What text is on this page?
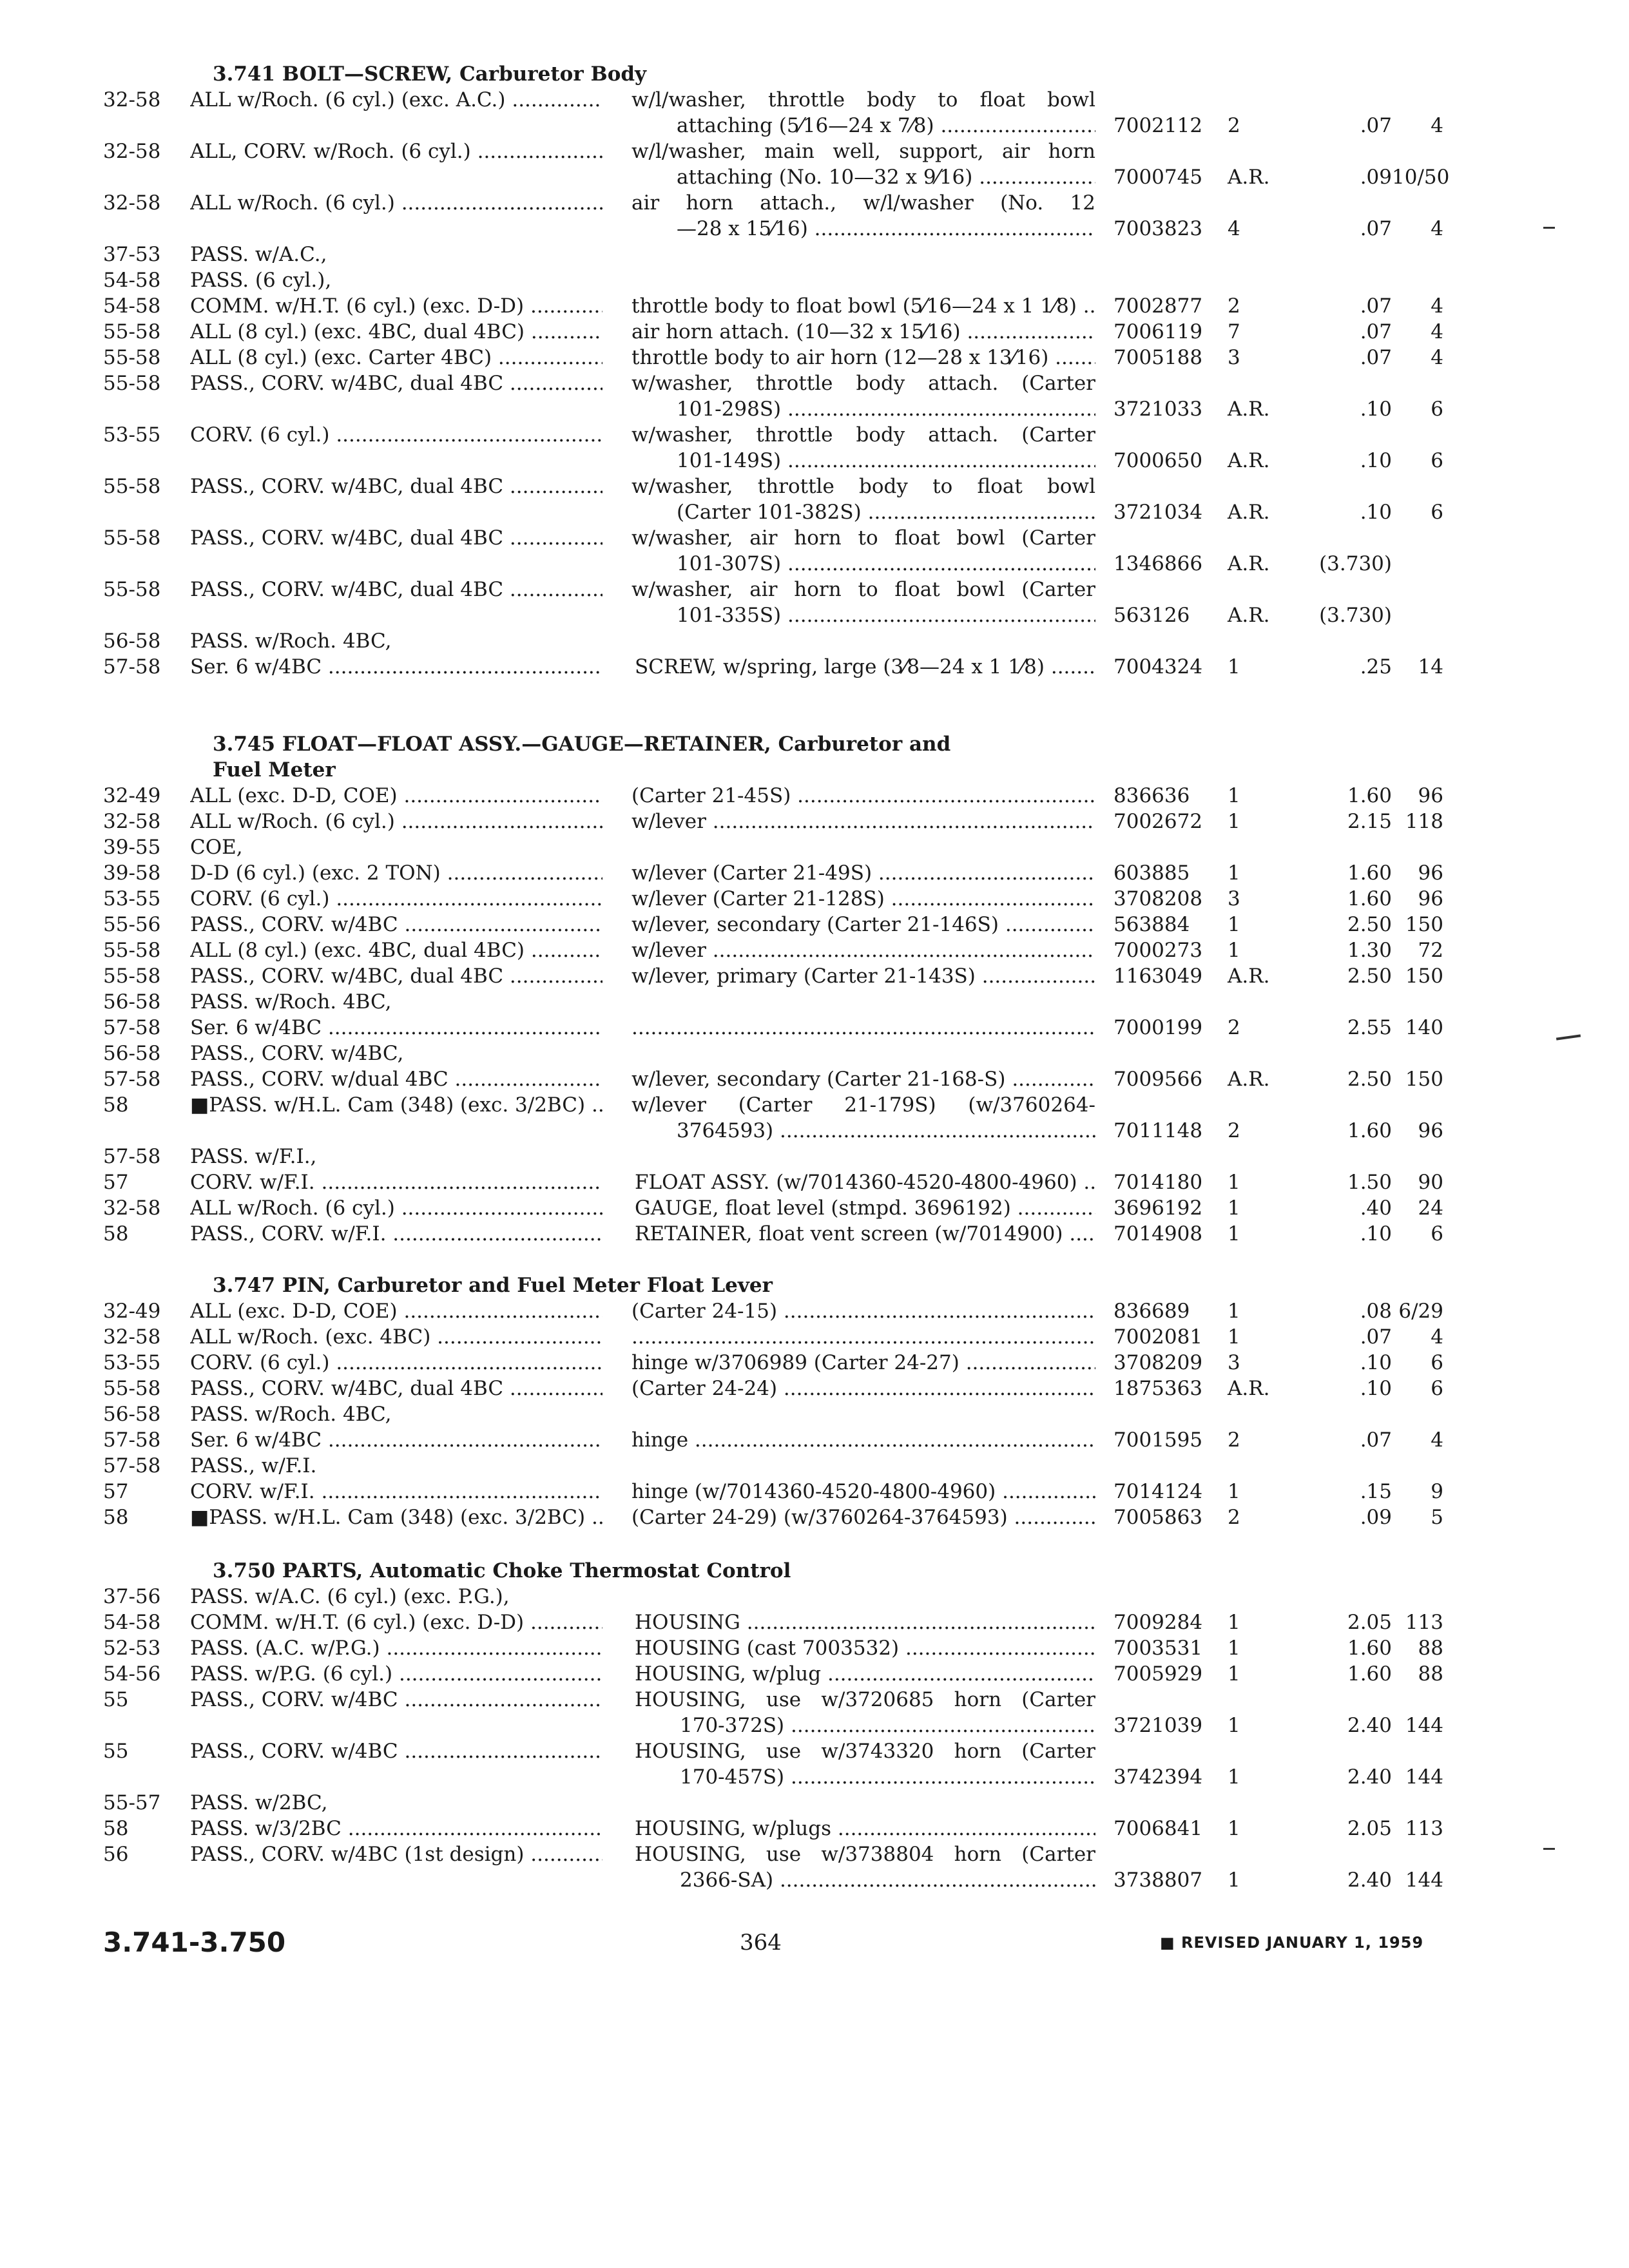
3.741 BOLT—SCREW, Carburetor Body
32-58	ALL w/Roch. (6 cyl.) (exc. A.C.) .....	w/l/washer, throttle body to float bowl
attaching (5⁄16—24 x 7⁄8) .....	7002112	2	.07	4
32-58	ALL, CORV. w/Roch. (6 cyl.) .....	w/l/washer, main well, support, air horn
attaching (No. 10—32 x 9⁄16) .....	7000745	A.R.	.09 10/50
32-58	ALL w/Roch. (6 cyl.) .....	air horn attach., w/l/washer (No. 12
—28 x 15⁄16) .....	7003823	4	.07	4
37-53	PASS. w/A.C.,
54-58	PASS. (6 cyl.),
54-58	COMM. w/H.T. (6 cyl.) (exc. D-D) .....	throttle body to float bowl (5⁄16—24 x 1 1⁄8) .....	7002877	2	.07	4
55-58	ALL (8 cyl.) (exc. 4BC, dual 4BC) .....	air horn attach. (10—32 x 15⁄16) .....	7006119	7	.07	4
55-58	ALL (8 cyl.) (exc. Carter 4BC) .....	throttle body to air horn (12—28 x 13⁄16) .....	7005188	3	.07	4
55-58	PASS., CORV. w/4BC, dual 4BC .....	w/washer, throttle body attach. (Carter
101-298S) .....	3721033	A.R.	.10	6
53-55	CORV. (6 cyl.) .....	w/washer, throttle body attach. (Carter
101-149S) .....	7000650	A.R.	.10	6
55-58	PASS., CORV. w/4BC, dual 4BC .....	w/washer, throttle body to float bowl
(Carter 101-382S) .....	3721034	A.R.	.10	6
55-58	PASS., CORV. w/4BC, dual 4BC .....	w/washer, air horn to float bowl (Carter
101-307S) .....	1346866	A.R.	(3.730)
55-58	PASS., CORV. w/4BC, dual 4BC .....	w/washer, air horn to float bowl (Carter
101-335S) .....	563126	A.R.	(3.730)
56-58	PASS. w/Roch. 4BC,
57-58	Ser. 6 w/4BC .....	SCREW, w/spring, large (3⁄8—24 x 1 1⁄8) .....	7004324	1	.25	14
3.745 FLOAT—FLOAT ASSY.—GAUGE—RETAINER, Carburetor and
Fuel Meter
32-49	ALL (exc. D-D, COE) .....	(Carter 21-45S) .....	836636	1	1.60	96
32-58	ALL w/Roch. (6 cyl.) .....	w/lever .....	7002672	1	2.15 118
39-55	COE,
39-58	D-D (6 cyl.) (exc. 2 TON) .....	w/lever (Carter 21-49S) .....	603885	1	1.60	96
53-55	CORV. (6 cyl.) .....	w/lever (Carter 21-128S) .....	3708208	3	1.60	96
55-56	PASS., CORV. w/4BC .....	w/lever, secondary (Carter 21-146S) .....	563884	1	2.50 150
55-58	ALL (8 cyl.) (exc. 4BC, dual 4BC) .....	w/lever .....	7000273	1	1.30	72
55-58	PASS., CORV. w/4BC, dual 4BC .....	w/lever, primary (Carter 21-143S) .....	1163049	A.R.	2.50 150
56-58	PASS. w/Roch. 4BC,
57-58	Ser. 6 w/4BC ..... .....	7000199	2	2.55 140
56-58	PASS., CORV. w/4BC,
57-58	PASS., CORV. w/dual 4BC .....	w/lever, secondary (Carter 21-168-S) .....	7009566	A.R.	2.50 150
58	■PASS. w/H.L. Cam (348) (exc. 3/2BC) .....	w/lever (Carter 21-179S) (w/3760264-
3764593) .....	7011148	2	1.60	96
57-58	PASS. w/F.I.,
57	CORV. w/F.I. .....	FLOAT ASSY. (w/7014360-4520-4800-4960) .....	7014180	1	1.50	90
32-58	ALL w/Roch. (6 cyl.) .....	GAUGE, float level (stmpd. 3696192) .....	3696192	1	.40	24
58	PASS., CORV. w/F.I. .....	RETAINER, float vent screen (w/7014900) .....	7014908	1	.10	6
3.747 PIN, Carburetor and Fuel Meter Float Lever
32-49	ALL (exc. D-D, COE) .....	(Carter 24-15) .....	836689	1	.08 6/29
32-58	ALL w/Roch. (exc. 4BC) ..... .....	7002081	1	.07	4
53-55	CORV. (6 cyl.) .....	hinge w/3706989 (Carter 24-27) .....	3708209	3	.10	6
55-58	PASS., CORV. w/4BC, dual 4BC .....	(Carter 24-24) .....	1875363	A.R.	.10	6
56-58	PASS. w/Roch. 4BC,
57-58	Ser. 6 w/4BC .....	hinge .....	7001595	2	.07	4
57-58	PASS., w/F.I.
57	CORV. w/F.I. .....	hinge (w/7014360-4520-4800-4960) .....	7014124	1	.15	9
58	■PASS. w/H.L. Cam (348) (exc. 3/2BC) .....	(Carter 24-29) (w/3760264-3764593) .....	7005863	2	.09	5
3.750 PARTS, Automatic Choke Thermostat Control
37-56	PASS. w/A.C. (6 cyl.) (exc. P.G.),
54-58	COMM. w/H.T. (6 cyl.) (exc. D-D) .....	HOUSING .....	7009284	1	2.05 113
52-53	PASS. (A.C. w/P.G.) .....	HOUSING (cast 7003532) .....	7003531	1	1.60	88
54-56	PASS. w/P.G. (6 cyl.) .....	HOUSING, w/plug .....	7005929	1	1.60	88
55	PASS., CORV. w/4BC .....	HOUSING, use w/3720685 horn (Carter
170-372S) .....	3721039	1	2.40 144
55	PASS., CORV. w/4BC .....	HOUSING, use w/3743320 horn (Carter
170-457S) .....	3742394	1	2.40 144
55-57	PASS. w/2BC,
58	PASS. w/3/2BC .....	HOUSING, w/plugs .....	7006841	1	2.05 113
56	PASS., CORV. w/4BC (1st design) .....	HOUSING, use w/3738804 horn (Carter
2366-SA) .....	3738807	1	2.40 144
3.741-3.750	364	■ REVISED JANUARY 1, 1959
